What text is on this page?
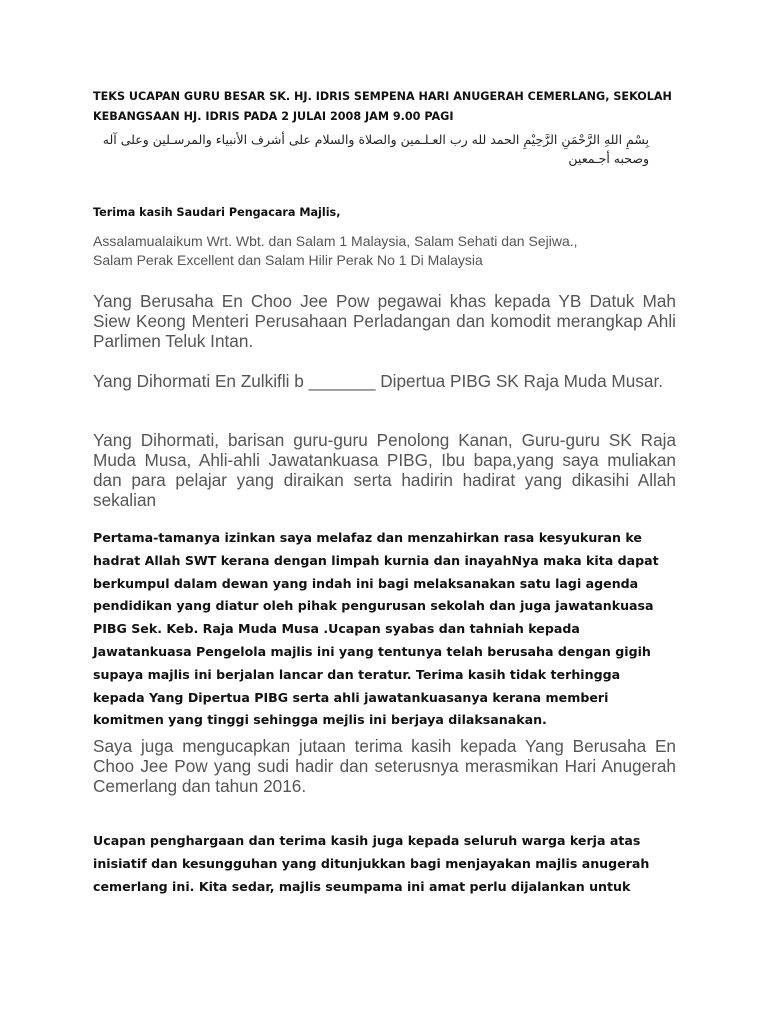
TEKS UCAPAN GURU BESAR SK. HJ. IDRIS SEMPENA HARI ANUGERAH CEMERLANG, SEKOLAH KEBANGSAAN HJ. IDRIS PADA 2 JULAI 2008 JAM 9.00 PAGI
بِسْمِ اللهِ الرَّحْمَنِ الرَّحِيْمِ الحمد لله رب العـلـمين والصلاة والسلام على أشرف الأنبياء والمرسـلين وعلى آله وصحبه أجـمعين
Terima kasih Saudari Pengacara Majlis,
Assalamualaikum Wrt. Wbt. dan Salam 1 Malaysia, Salam Sehati dan Sejiwa.,
Salam Perak Excellent dan Salam Hilir Perak No 1 Di Malaysia

Yang Berusaha En Choo Jee Pow pegawai khas kepada YB Datuk Mah Siew Keong Menteri Perusahaan Perladangan dan komodit merangkap Ahli Parlimen Teluk Intan.

Yang Dihormati En Zulkifli b _______ Dipertua PIBG SK Raja Muda Musar.

Yang Dihormati, barisan guru-guru Penolong Kanan, Guru-guru SK Raja Muda Musa, Ahli-ahli Jawatankuasa PIBG, Ibu bapa,yang saya muliakan dan para pelajar yang diraikan serta hadirin hadirat yang dikasihi Allah sekalian

Pertama-tamanya izinkan saya melafaz dan menzahirkan rasa kesyukuran ke
hadrat Allah SWT kerana dengan limpah kurnia dan inayahNya maka kita dapat
berkumpul dalam dewan yang indah ini bagi melaksanakan satu lagi agenda
pendidikan yang diatur oleh pihak pengurusan sekolah dan juga jawatankuasa
PIBG Sek. Keb. Raja Muda Musa .Ucapan syabas dan tahniah kepada
Jawatankuasa Pengelola majlis ini yang tentunya telah berusaha dengan gigih
supaya majlis ini berjalan lancar dan teratur. Terima kasih tidak terhingga
kepada Yang Dipertua PIBG serta ahli jawatankuasanya kerana memberi
komitmen yang tinggi sehingga mejlis ini berjaya dilaksanakan.

Saya juga mengucapkan jutaan terima kasih kepada Yang Berusaha En Choo Jee Pow yang sudi hadir dan seterusnya merasmikan Hari Anugerah Cemerlang dan tahun 2016.

Ucapan penghargaan dan terima kasih juga kepada seluruh warga kerja atas
inisiatif dan kesungguhan yang ditunjukkan bagi menjayakan majlis anugerah
cemerlang ini. Kita sedar, majlis seumpama ini amat perlu dijalankan untuk
